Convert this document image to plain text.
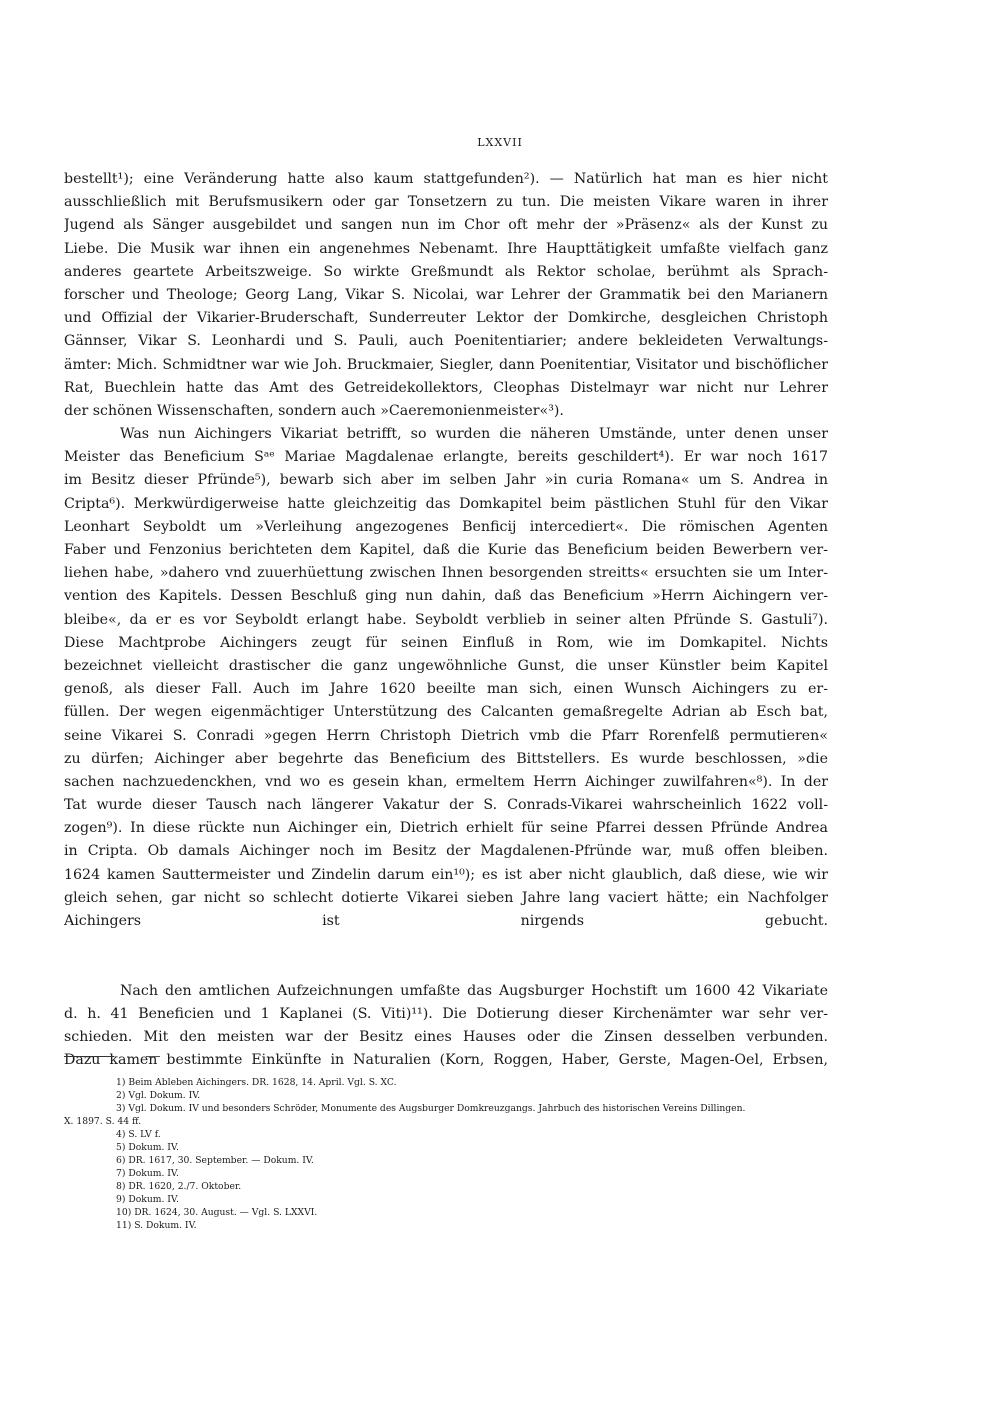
LXXVII
bestellt¹); eine Veränderung hatte also kaum stattgefunden²). — Natürlich hat man es hier nicht
ausschließlich mit Berufsmusikern oder gar Tonsetzern zu tun. Die meisten Vikare waren in ihrer
Jugend als Sänger ausgebildet und sangen nun im Chor oft mehr der »Präsenz« als der Kunst zu
Liebe. Die Musik war ihnen ein angenehmes Nebenamt. Ihre Haupttätigkeit umfaßte vielfach ganz
anderes geartete Arbeitszweige. So wirkte Greßmundt als Rektor scholae, berühmt als Sprach-
forscher und Theologe; Georg Lang, Vikar S. Nicolai, war Lehrer der Grammatik bei den Marianern
und Offizial der Vikarier-Bruderschaft, Sunderreuter Lektor der Domkirche, desgleichen Christoph
Gännser, Vikar S. Leonhardi und S. Pauli, auch Poenitentiarier; andere bekleideten Verwaltungs-
ämter: Mich. Schmidtner war wie Joh. Bruckmaier, Siegler, dann Poenitentiar, Visitator und bischöflicher
Rat, Buechlein hatte das Amt des Getreidekollektors, Cleophas Distelmayr war nicht nur Lehrer
der schönen Wissenschaften, sondern auch »Caeremonienmeister«³).
Was nun Aichingers Vikariat betrifft, so wurden die näheren Umstände, unter denen unser
Meister das Beneficium Sᵃᵉ Mariae Magdalenae erlangte, bereits geschildert⁴). Er war noch 1617
im Besitz dieser Pfründe⁵), bewarb sich aber im selben Jahr »in curia Romana« um S. Andrea in
Cripta⁶). Merkwürdigerweise hatte gleichzeitig das Domkapitel beim pästlichen Stuhl für den Vikar
Leonhart Seyboldt um »Verleihung angezogenes Benficij intercediert«. Die römischen Agenten
Faber und Fenzonius berichteten dem Kapitel, daß die Kurie das Beneficium beiden Bewerbern ver-
liehen habe, »dahero vnd zuuerhüettung zwischen Ihnen besorgenden streitts« ersuchten sie um Inter-
vention des Kapitels. Dessen Beschluß ging nun dahin, daß das Beneficium »Herrn Aichingern ver-
bleibe«, da er es vor Seyboldt erlangt habe. Seyboldt verblieb in seiner alten Pfründe S. Gastuli⁷).
Diese Machtprobe Aichingers zeugt für seinen Einfluß in Rom, wie im Domkapitel. Nichts
bezeichnet vielleicht drastischer die ganz ungewöhnliche Gunst, die unser Künstler beim Kapitel
genoß, als dieser Fall. Auch im Jahre 1620 beeilte man sich, einen Wunsch Aichingers zu er-
füllen. Der wegen eigenmächtiger Unterstützung des Calcanten gemaßregelte Adrian ab Esch bat,
seine Vikarei S. Conradi »gegen Herrn Christoph Dietrich vmb die Pfarr Rorenfelß permutieren«
zu dürfen; Aichinger aber begehrte das Beneficium des Bittstellers. Es wurde beschlossen, »die
sachen nachzuedenckhen, vnd wo es gesein khan, ermeltem Herrn Aichinger zuwilfahren«⁸). In der
Tat wurde dieser Tausch nach längerer Vakatur der S. Conrads-Vikarei wahrscheinlich 1622 voll-
zogen⁹). In diese rückte nun Aichinger ein, Dietrich erhielt für seine Pfarrei dessen Pfründe Andrea
in Cripta. Ob damals Aichinger noch im Besitz der Magdalenen-Pfründe war, muß offen bleiben.
1624 kamen Sauttermeister und Zindelin darum ein¹⁰); es ist aber nicht glaublich, daß diese, wie wir
gleich sehen, gar nicht so schlecht dotierte Vikarei sieben Jahre lang vaciert hätte; ein Nachfolger
Aichingers ist nirgends gebucht.
Nach den amtlichen Aufzeichnungen umfaßte das Augsburger Hochstift um 1600 42 Vikariate
d. h. 41 Beneficien und 1 Kaplanei (S. Viti)¹¹). Die Dotierung dieser Kirchenämter war sehr ver-
schieden. Mit den meisten war der Besitz eines Hauses oder die Zinsen desselben verbunden.
Dazu kamen bestimmte Einkünfte in Naturalien (Korn, Roggen, Haber, Gerste, Magen-Oel, Erbsen,
1) Beim Ableben Aichingers. DR. 1628, 14. April. Vgl. S. XC.
2) Vgl. Dokum. IV.
3) Vgl. Dokum. IV und besonders Schröder, Monumente des Augsburger Domkreuzgangs. Jahrbuch des historischen Vereins Dillingen.
X. 1897. S. 44 ff.
4) S. LV f.
5) Dokum. IV.
6) DR. 1617, 30. September. — Dokum. IV.
7) Dokum. IV.
8) DR. 1620, 2./7. Oktober.
9) Dokum. IV.
10) DR. 1624, 30. August. — Vgl. S. LXXVI.
11) S. Dokum. IV.
